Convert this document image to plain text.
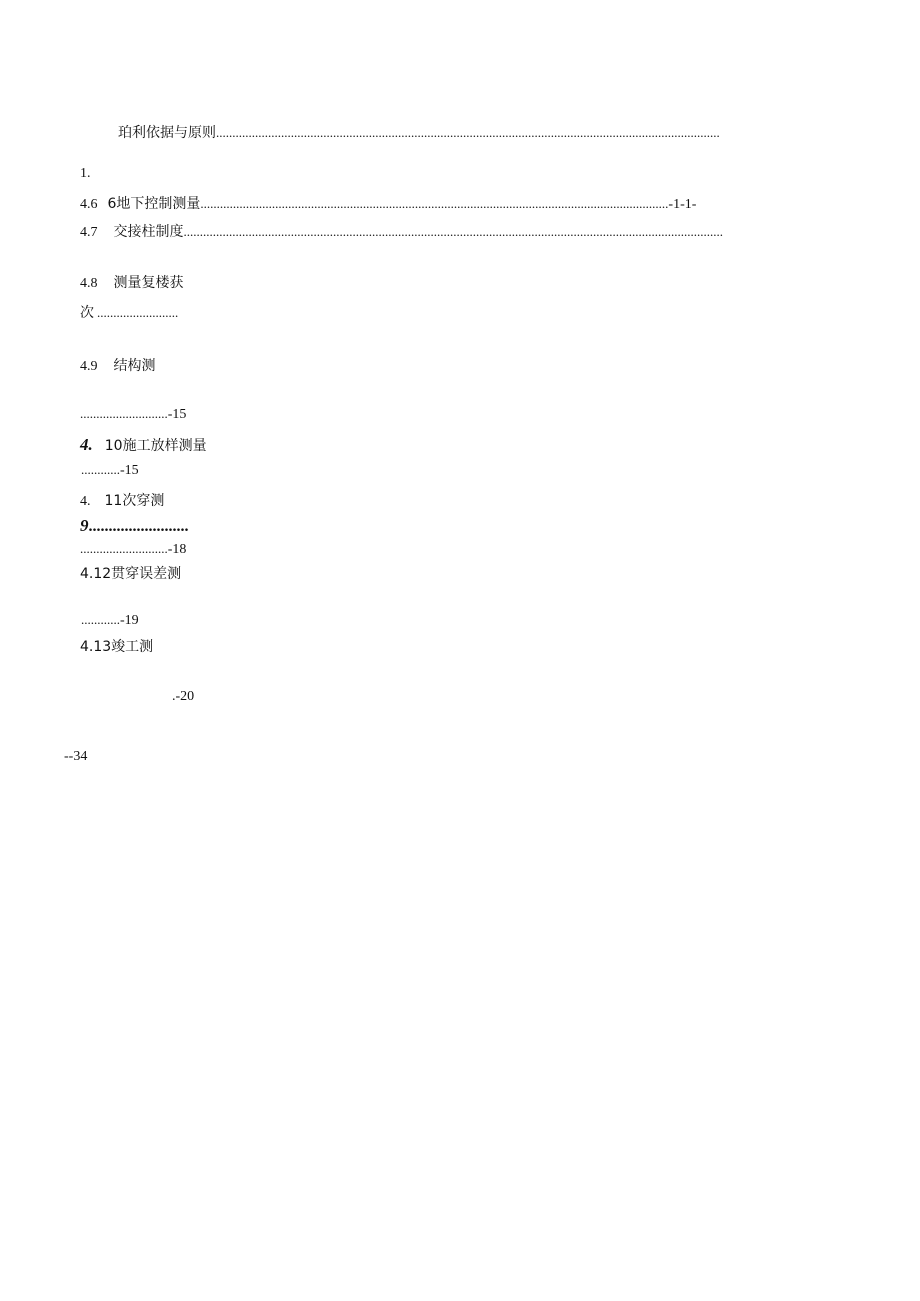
珀利依据与原则...........................................................................................................................................................
1.
4.6 6地下控制测量................................................................................................................................................-1-1-
4.7 交接柱制度......................................................................................................................................................................
4.8 测量复楼获
次 .........................
4.9 结构测
...........................-15
4. 10施工放样测量
............-15
4. 11次穿测
9.........................
...........................-18
4.12贯穿误差测
............-19
4.13竣工测
.-20
--34
